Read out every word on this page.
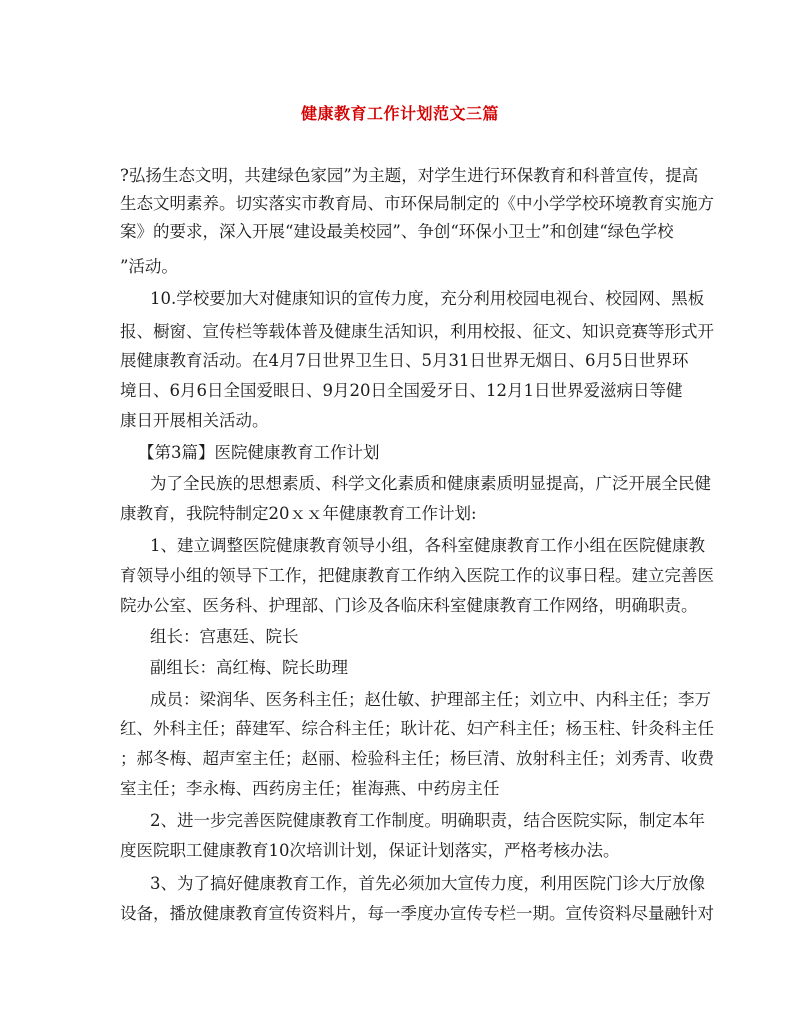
健康教育工作计划范文三篇
?弘扬生态文明，共建绿色家园”为主题，对学生进行环保教育和科普宣传，提高
生态文明素养。切实落实市教育局、市环保局制定的《中小学学校环境教育实施方
案》的要求，深入开展“建设最美校园”、争创“环保小卫士”和创建“绿色学校
”活动。
10.学校要加大对健康知识的宣传力度，充分利用校园电视台、校园网、黑板
报、橱窗、宣传栏等载体普及健康生活知识，利用校报、征文、知识竞赛等形式开
展健康教育活动。在4月7日世界卫生日、5月31日世界无烟日、6月5日世界环
境日、6月6日全国爱眼日、9月20日全国爱牙日、12月1日世界爱滋病日等健
康日开展相关活动。
【第3篇】医院健康教育工作计划
为了全民族的思想素质、科学文化素质和健康素质明显提高，广泛开展全民健
康教育，我院特制定20ｘｘ年健康教育工作计划:
1、建立调整医院健康教育领导小组，各科室健康教育工作小组在医院健康教
育领导小组的领导下工作，把健康教育工作纳入医院工作的议事日程。建立完善医
院办公室、医务科、护理部、门诊及各临床科室健康教育工作网络，明确职责。
组长：宫惠廷、院长
副组长：高红梅、院长助理
成员：梁润华、医务科主任；赵仕敏、护理部主任；刘立中、内科主任；李万
红、外科主任；薛建军、综合科主任；耿计花、妇产科主任；杨玉柱、针灸科主任
；郝冬梅、超声室主任；赵丽、检验科主任；杨巨清、放射科主任；刘秀青、收费
室主任；李永梅、西药房主任；崔海燕、中药房主任
2、进一步完善医院健康教育工作制度。明确职责，结合医院实际，制定本年
度医院职工健康教育10次培训计划，保证计划落实，严格考核办法。
3、为了搞好健康教育工作，首先必须加大宣传力度，利用医院门诊大厅放像
设备，播放健康教育宣传资料片，每一季度办宣传专栏一期。宣传资料尽量融针对
